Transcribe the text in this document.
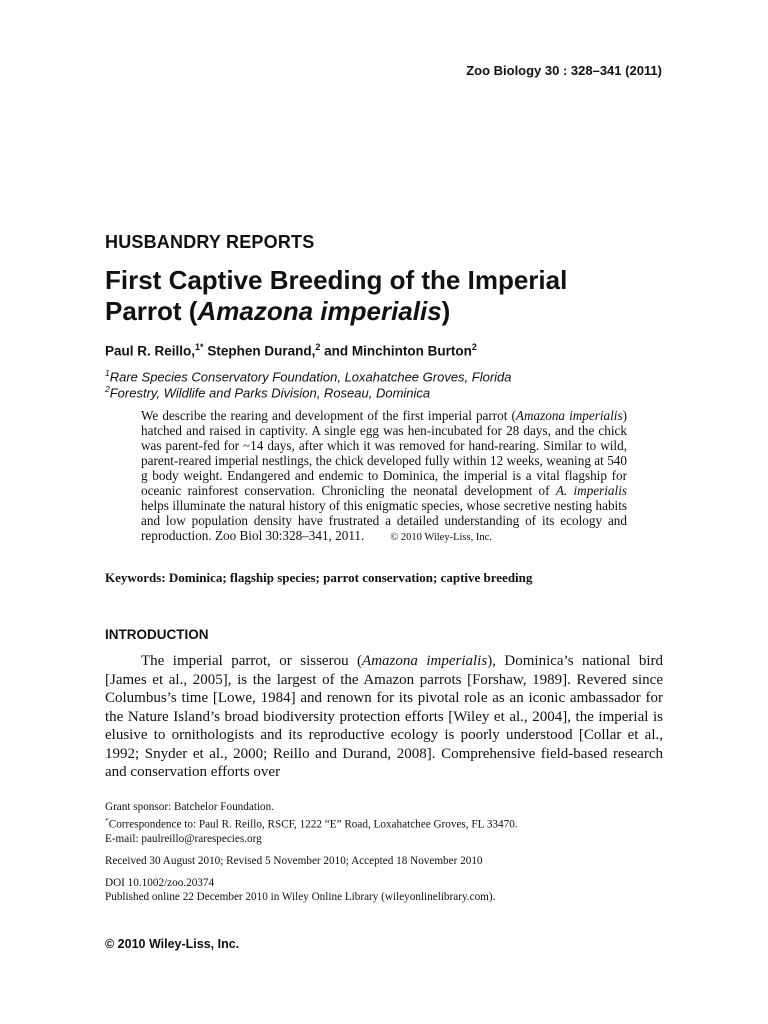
Zoo Biology 30 : 328–341 (2011)
HUSBANDRY REPORTS
First Captive Breeding of the Imperial
Parrot (Amazona imperialis)
Paul R. Reillo,$^{1*}$ Stephen Durand,$^2$ and Minchinton Burton$^2$
$^1$Rare Species Conservatory Foundation, Loxahatchee Groves, Florida
$^2$Forestry, Wildlife and Parks Division, Roseau, Dominica
We describe the rearing and development of the first imperial parrot (Amazona imperialis) hatched and raised in captivity. A single egg was hen-incubated for 28 days, and the chick was parent-fed for ~14 days, after which it was removed for hand-rearing. Similar to wild, parent-reared imperial nestlings, the chick developed fully within 12 weeks, weaning at 540 g body weight. Endangered and endemic to Dominica, the imperial is a vital flagship for oceanic rainforest conservation. Chronicling the neonatal development of A. imperialis helps illuminate the natural history of this enigmatic species, whose secretive nesting habits and low population density have frustrated a detailed understanding of its ecology and reproduction. Zoo Biol 30:328–341, 2011. © 2010 Wiley-Liss, Inc.
Keywords: Dominica; flagship species; parrot conservation; captive breeding
INTRODUCTION
The imperial parrot, or sisserou (Amazona imperialis), Dominica’s national bird [James et al., 2005], is the largest of the Amazon parrots [Forshaw, 1989]. Revered since Columbus’s time [Lowe, 1984] and renown for its pivotal role as an iconic ambassador for the Nature Island’s broad biodiversity protection efforts [Wiley et al., 2004], the imperial is elusive to ornithologists and its reproductive ecology is poorly understood [Collar et al., 1992; Snyder et al., 2000; Reillo and Durand, 2008]. Comprehensive field-based research and conservation efforts over

Grant sponsor: Batchelor Foundation.

*Correspondence to: Paul R. Reillo, RSCF, 1222 “E” Road, Loxahatchee Groves, FL 33470.

E-mail: paulreillo@rarespecies.org

Received 30 August 2010; Revised 5 November 2010; Accepted 18 November 2010

DOI 10.1002/zoo.20374

Published online 22 December 2010 in Wiley Online Library (wileyonlinelibrary.com).

© 2010 Wiley-Liss, Inc.
